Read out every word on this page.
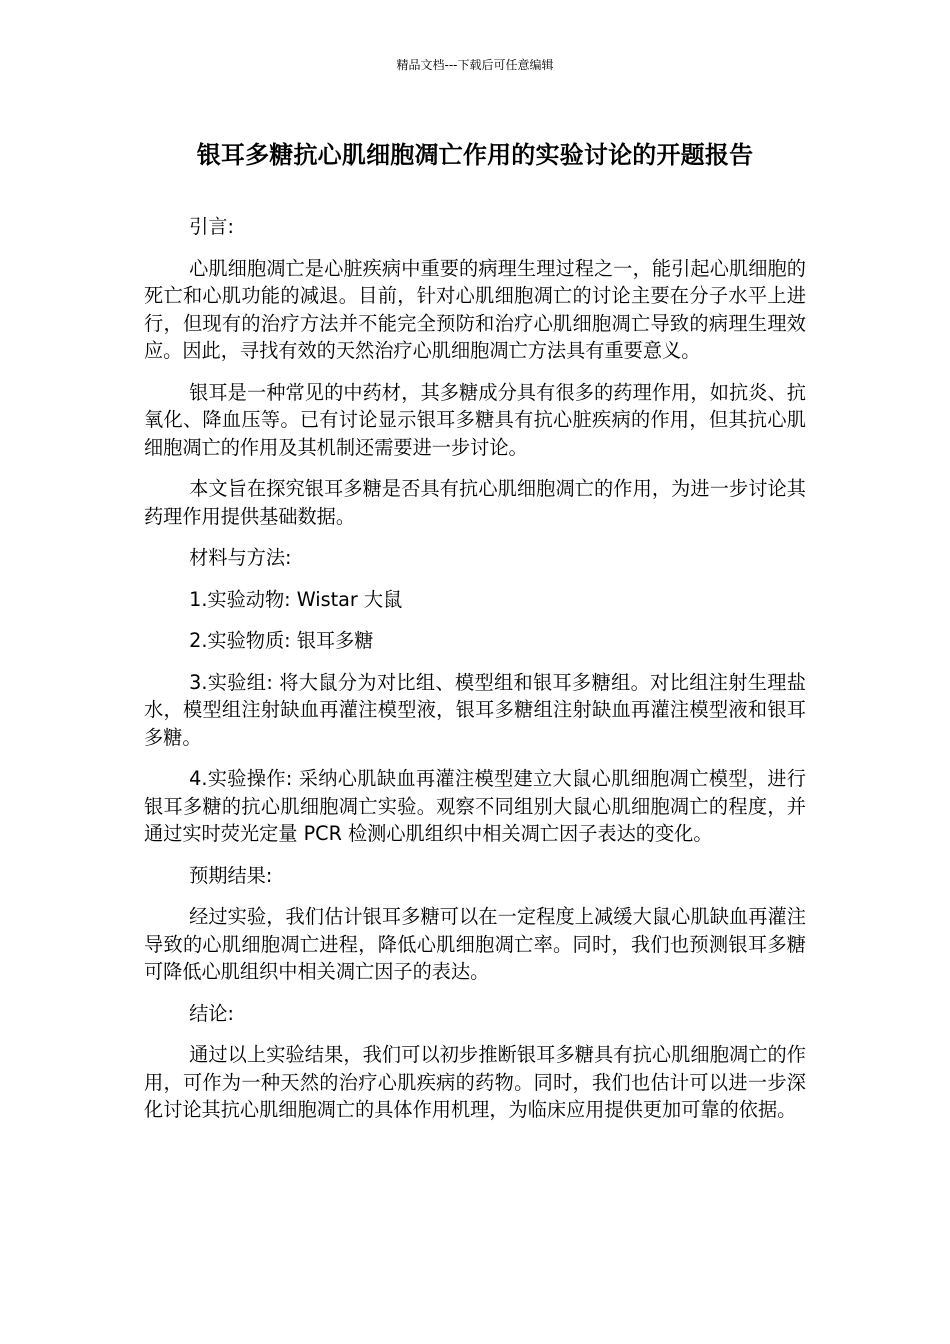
精品文档---下载后可任意编辑
银耳多糖抗心肌细胞凋亡作用的实验讨论的开题报告

引言:

心肌细胞凋亡是心脏疾病中重要的病理生理过程之一，能引起心肌细胞的死亡和心肌功能的减退。目前，针对心肌细胞凋亡的讨论主要在分子水平上进行，但现有的治疗方法并不能完全预防和治疗心肌细胞凋亡导致的病理生理效应。因此，寻找有效的天然治疗心肌细胞凋亡方法具有重要意义。

银耳是一种常见的中药材，其多糖成分具有很多的药理作用，如抗炎、抗氧化、降血压等。已有讨论显示银耳多糖具有抗心脏疾病的作用，但其抗心肌细胞凋亡的作用及其机制还需要进一步讨论。

本文旨在探究银耳多糖是否具有抗心肌细胞凋亡的作用，为进一步讨论其药理作用提供基础数据。

材料与方法:

1.实验动物: Wistar 大鼠

2.实验物质: 银耳多糖

3.实验组: 将大鼠分为对比组、模型组和银耳多糖组。对比组注射生理盐水，模型组注射缺血再灌注模型液，银耳多糖组注射缺血再灌注模型液和银耳多糖。

4.实验操作: 采纳心肌缺血再灌注模型建立大鼠心肌细胞凋亡模型，进行银耳多糖的抗心肌细胞凋亡实验。观察不同组别大鼠心肌细胞凋亡的程度，并通过实时荧光定量 PCR 检测心肌组织中相关凋亡因子表达的变化。

预期结果:

经过实验，我们估计银耳多糖可以在一定程度上减缓大鼠心肌缺血再灌注导致的心肌细胞凋亡进程，降低心肌细胞凋亡率。同时，我们也预测银耳多糖可降低心肌组织中相关凋亡因子的表达。

结论:

通过以上实验结果，我们可以初步推断银耳多糖具有抗心肌细胞凋亡的作用，可作为一种天然的治疗心肌疾病的药物。同时，我们也估计可以进一步深化讨论其抗心肌细胞凋亡的具体作用机理，为临床应用提供更加可靠的依据。
